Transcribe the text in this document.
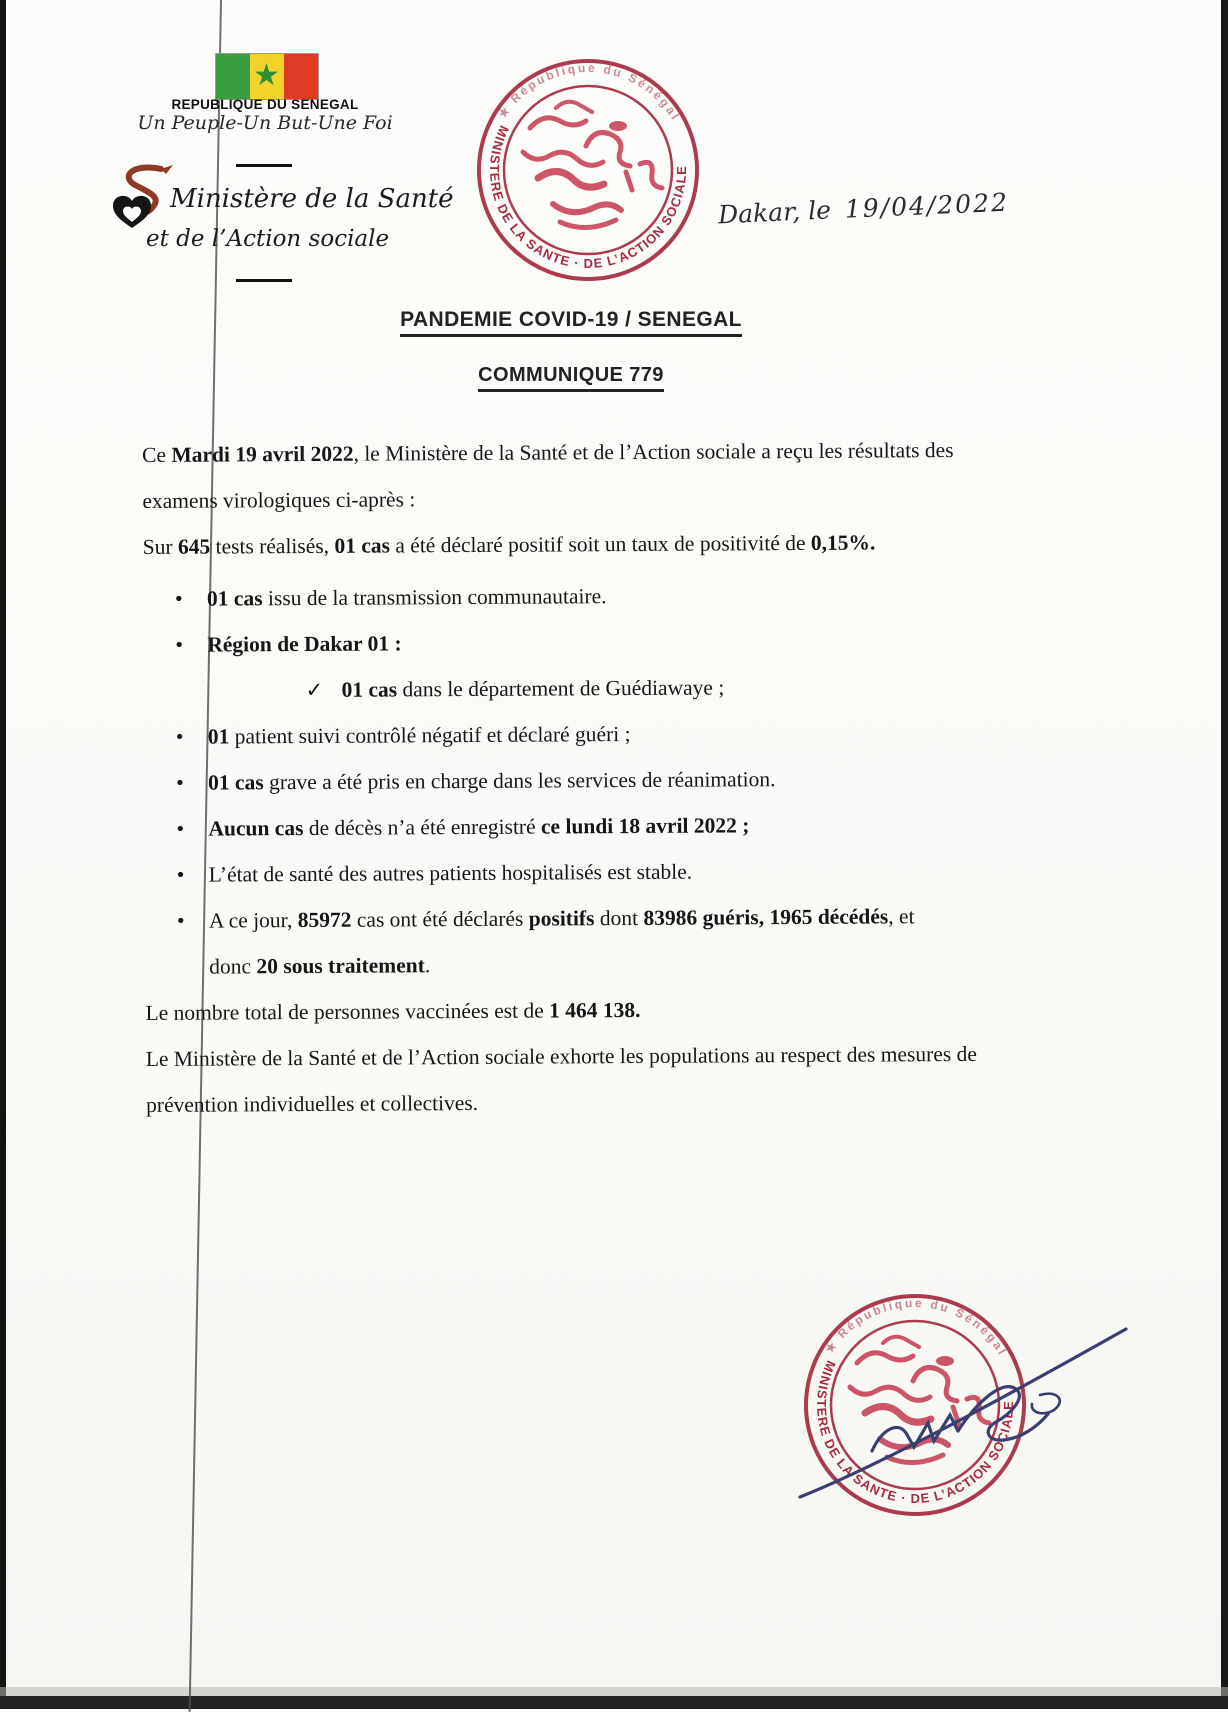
★
REPUBLIQUE DU SENEGAL
Un Peuple-Un But-Une Foi
Ministère de la Santé
et de l’Action sociale
Dakar, le 19/04/2022
MINISTERE DE LA SANTE · DE L’ACTION SOCIALE
★ République du Sénégal
PANDEMIE COVID-19 / SENEGAL
COMMUNIQUE 779

Ce Mardi 19 avril 2022, le Ministère de la Santé et de l’Action sociale a reçu les résultats des examens virologiques ci-après :

Sur 645 tests réalisés, 01 cas a été déclaré positif soit un taux de positivité de 0,15%.

• 01 cas issu de la transmission communautaire.
• Région de Dakar 01 :
✓ 01 cas dans le département de Guédiawaye ;
• 01 patient suivi contrôlé négatif et déclaré guéri ;
• 01 cas grave a été pris en charge dans les services de réanimation.
• Aucun cas de décès n’a été enregistré ce lundi 18 avril 2022 ;
• L’état de santé des autres patients hospitalisés est stable.
• A ce jour, 85972 cas ont été déclarés positifs dont 83986 guéris, 1965 décédés, et donc 20 sous traitement.

Le nombre total de personnes vaccinées est de 1 464 138.

Le Ministère de la Santé et de l’Action sociale exhorte les populations au respect des mesures de prévention individuelles et collectives.

MINISTERE DE LA SANTE · DE L’ACTION SOCIALE
★ République du Sénégal
